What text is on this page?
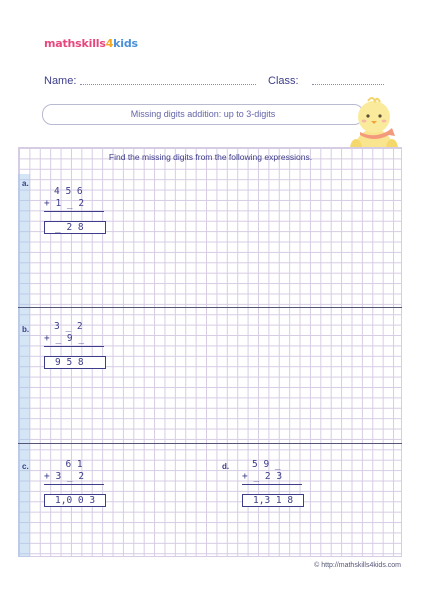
mathskills4kids
Name:	Class:
Missing digits addition: up to 3-digits
Find the missing digits from the following expressions.
a.
4 5 6
+ 1 _ 2
_ 2 8
b.	3 _ 2
+ _ 9 _
9 5 8
c.	6 1
+ 3 _ 2
1,0 0 3
d.	5 9 _
+ _ 2 3
1,3 1 8
© http://mathskills4kids.com
